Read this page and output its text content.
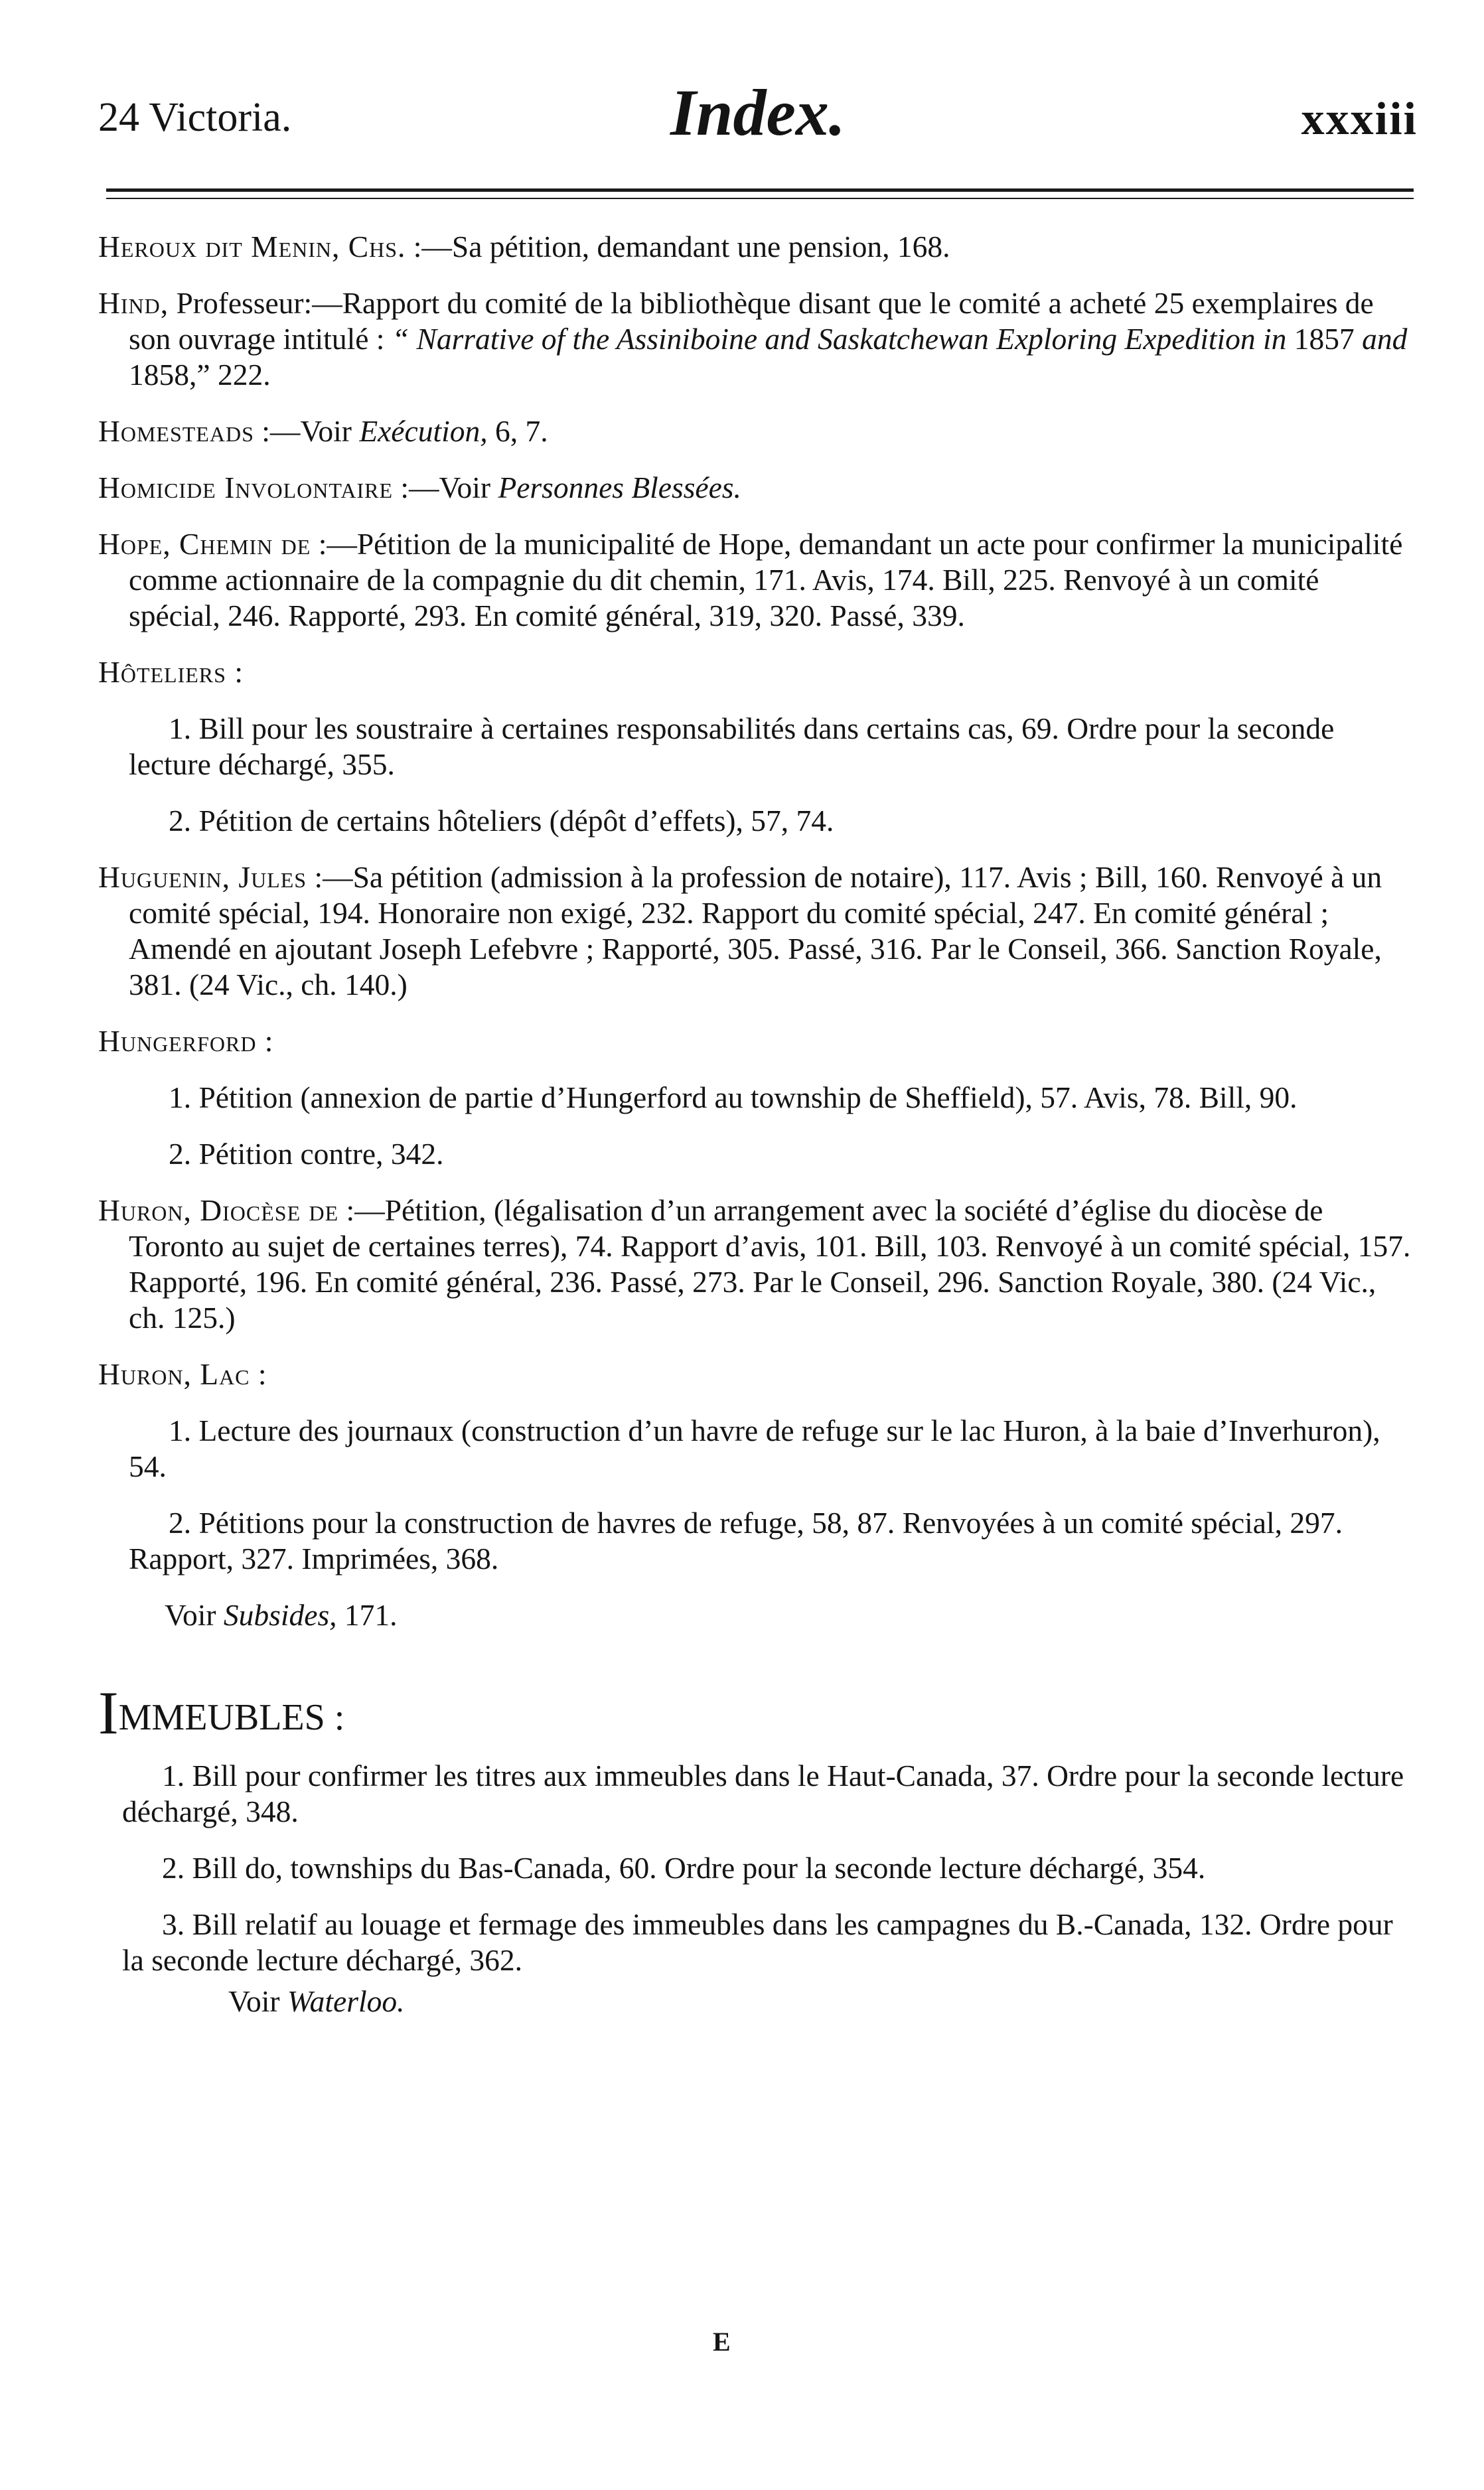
24 Victoria.	Index.	xxxiii

Heroux dit Menin, Chs. :—Sa pétition, demandant une pension, 168.

Hind, Professeur:—Rapport du comité de la bibliothèque disant que le comité a acheté 25 exemplaires de son ouvrage intitulé : “ Narrative of the Assiniboine and Saskatchewan Exploring Expedition in 1857 and 1858,” 222.

Homesteads :—Voir Exécution, 6, 7.

Homicide Involontaire :—Voir Personnes Blessées.

Hope, Chemin de :—Pétition de la municipalité de Hope, demandant un acte pour confirmer la municipalité comme actionnaire de la compagnie du dit chemin, 171. Avis, 174. Bill, 225. Renvoyé à un comité spécial, 246. Rapporté, 293. En comité général, 319, 320. Passé, 339.

Hôteliers :

1. Bill pour les soustraire à certaines responsabilités dans certains cas, 69. Ordre pour la seconde lecture déchargé, 355.

2. Pétition de certains hôteliers (dépôt d’effets), 57, 74.

Huguenin, Jules :—Sa pétition (admission à la profession de notaire), 117. Avis ; Bill, 160. Renvoyé à un comité spécial, 194. Honoraire non exigé, 232. Rapport du comité spécial, 247. En comité général ; Amendé en ajoutant Joseph Lefebvre ; Rapporté, 305. Passé, 316. Par le Conseil, 366. Sanction Royale, 381. (24 Vic., ch. 140.)

Hungerford :

1. Pétition (annexion de partie d’Hungerford au township de Sheffield), 57. Avis, 78. Bill, 90.

2. Pétition contre, 342.

Huron, Diocèse de :—Pétition, (légalisation d’un arrangement avec la société d’église du diocèse de Toronto au sujet de certaines terres), 74. Rapport d’avis, 101. Bill, 103. Renvoyé à un comité spécial, 157. Rapporté, 196. En comité général, 236. Passé, 273. Par le Conseil, 296. Sanction Royale, 380. (24 Vic., ch. 125.)

Huron, Lac :

1. Lecture des journaux (construction d’un havre de refuge sur le lac Huron, à la baie d’Inverhuron), 54.

2. Pétitions pour la construction de havres de refuge, 58, 87. Renvoyées à un comité spécial, 297. Rapport, 327. Imprimées, 368.

Voir Subsides, 171.

IMMEUBLES :

1. Bill pour confirmer les titres aux immeubles dans le Haut-Canada, 37. Ordre pour la seconde lecture déchargé, 348.

2. Bill do, townships du Bas-Canada, 60. Ordre pour la seconde lecture déchargé, 354.

3. Bill relatif au louage et fermage des immeubles dans les campagnes du B.-Canada, 132. Ordre pour la seconde lecture déchargé, 362.

Voir Waterloo.

E
